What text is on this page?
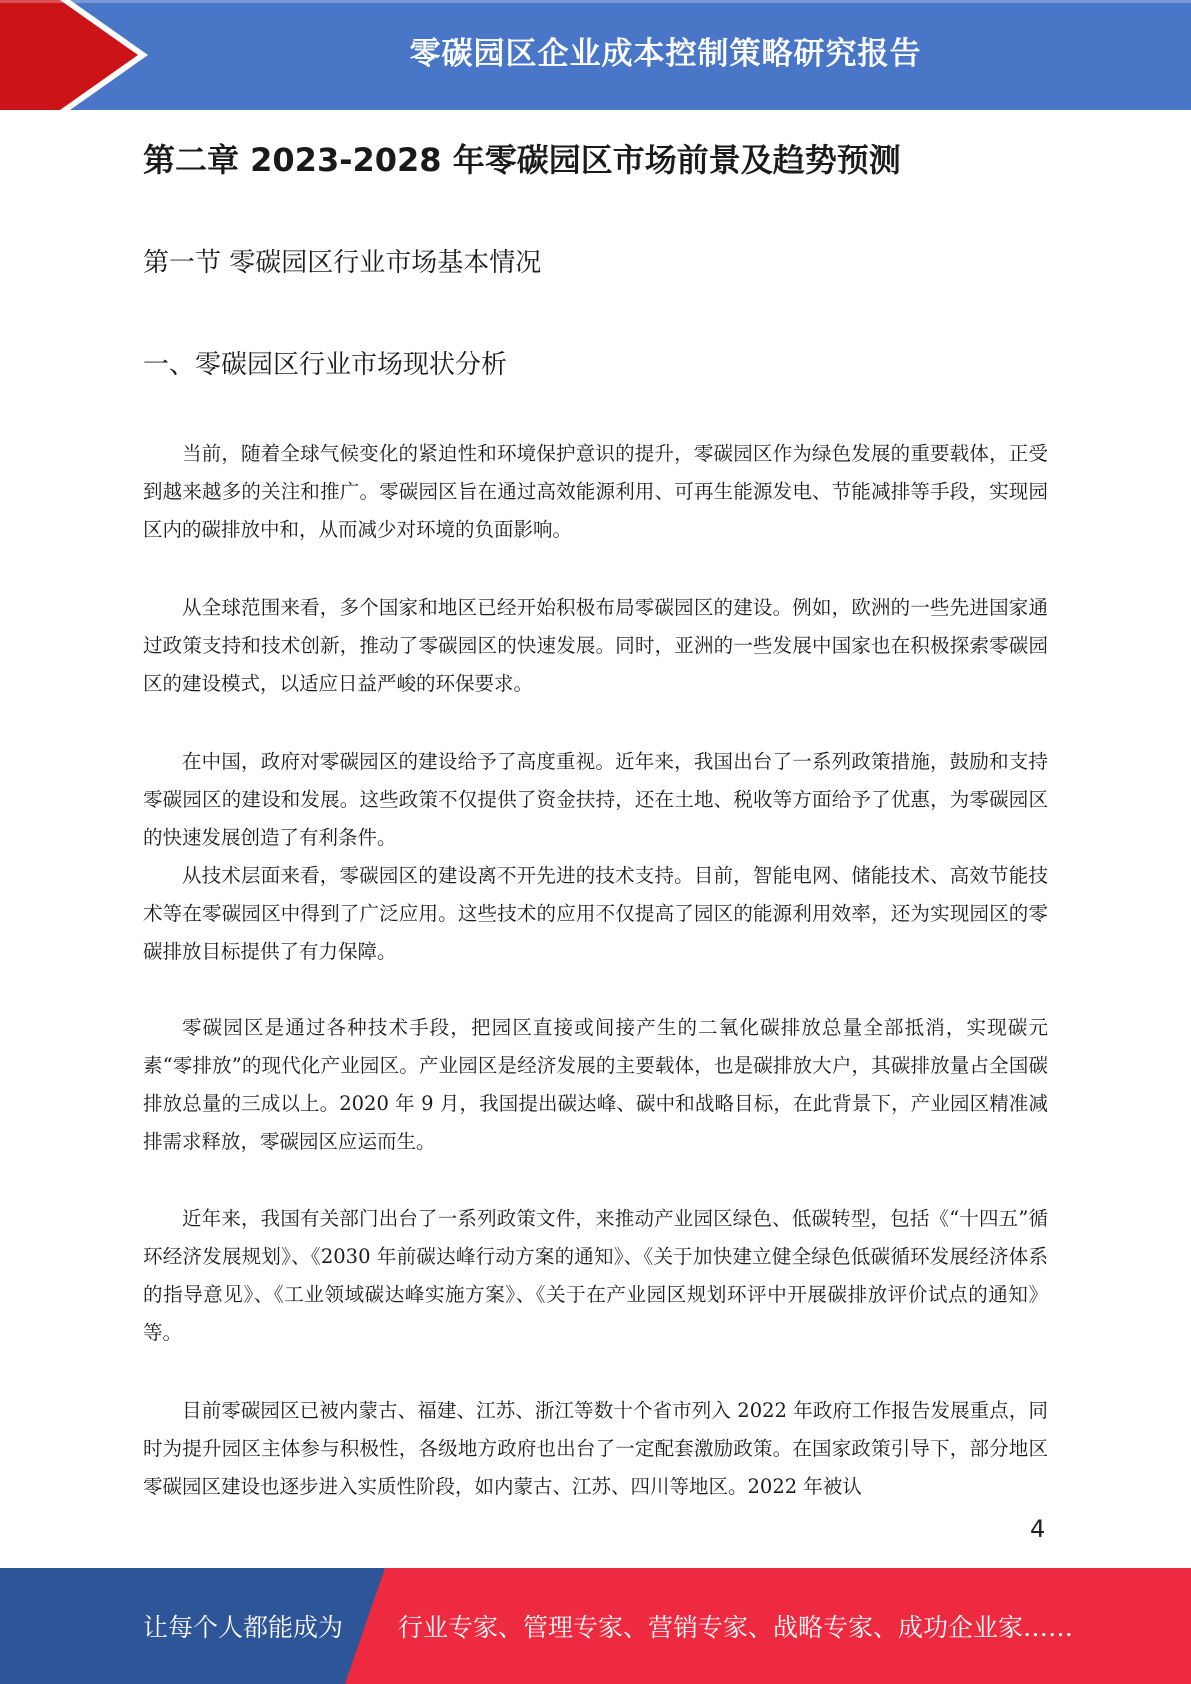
零碳园区企业成本控制策略研究报告
第二章 2023-2028 年零碳园区市场前景及趋势预测
第一节 零碳园区行业市场基本情况
一、零碳园区行业市场现状分析

当前，随着全球气候变化的紧迫性和环境保护意识的提升，零碳园区作为绿色发展的重要载体，正受到越来越多的关注和推广。零碳园区旨在通过高效能源利用、可再生能源发电、节能减排等手段，实现园区内的碳排放中和，从而减少对环境的负面影响。

从全球范围来看，多个国家和地区已经开始积极布局零碳园区的建设。例如，欧洲的一些先进国家通过政策支持和技术创新，推动了零碳园区的快速发展。同时，亚洲的一些发展中国家也在积极探索零碳园区的建设模式，以适应日益严峻的环保要求。

在中国，政府对零碳园区的建设给予了高度重视。近年来，我国出台了一系列政策措施，鼓励和支持零碳园区的建设和发展。这些政策不仅提供了资金扶持，还在土地、税收等方面给予了优惠，为零碳园区的快速发展创造了有利条件。

从技术层面来看，零碳园区的建设离不开先进的技术支持。目前，智能电网、储能技术、高效节能技术等在零碳园区中得到了广泛应用。这些技术的应用不仅提高了园区的能源利用效率，还为实现园区的零碳排放目标提供了有力保障。

零碳园区是通过各种技术手段，把园区直接或间接产生的二氧化碳排放总量全部抵消，实现碳元素“零排放”的现代化产业园区。产业园区是经济发展的主要载体，也是碳排放大户，其碳排放量占全国碳排放总量的三成以上。2020 年 9 月，我国提出碳达峰、碳中和战略目标，在此背景下，产业园区精准减排需求释放，零碳园区应运而生。

近年来，我国有关部门出台了一系列政策文件，来推动产业园区绿色、低碳转型，包括《“十四五”循环经济发展规划》、《2030 年前碳达峰行动方案的通知》、《关于加快建立健全绿色低碳循环发展经济体系的指导意见》、《工业领域碳达峰实施方案》、《关于在产业园区规划环评中开展碳排放评价试点的通知》等。

目前零碳园区已被内蒙古、福建、江苏、浙江等数十个省市列入 2022 年政府工作报告发展重点，同时为提升园区主体参与积极性，各级地方政府也出台了一定配套激励政策。在国家政策引导下，部分地区零碳园区建设也逐步进入实质性阶段，如内蒙古、江苏、四川等地区。2022 年被认

4
让每个人都能成为 行业专家、管理专家、营销专家、战略专家、成功企业家……
